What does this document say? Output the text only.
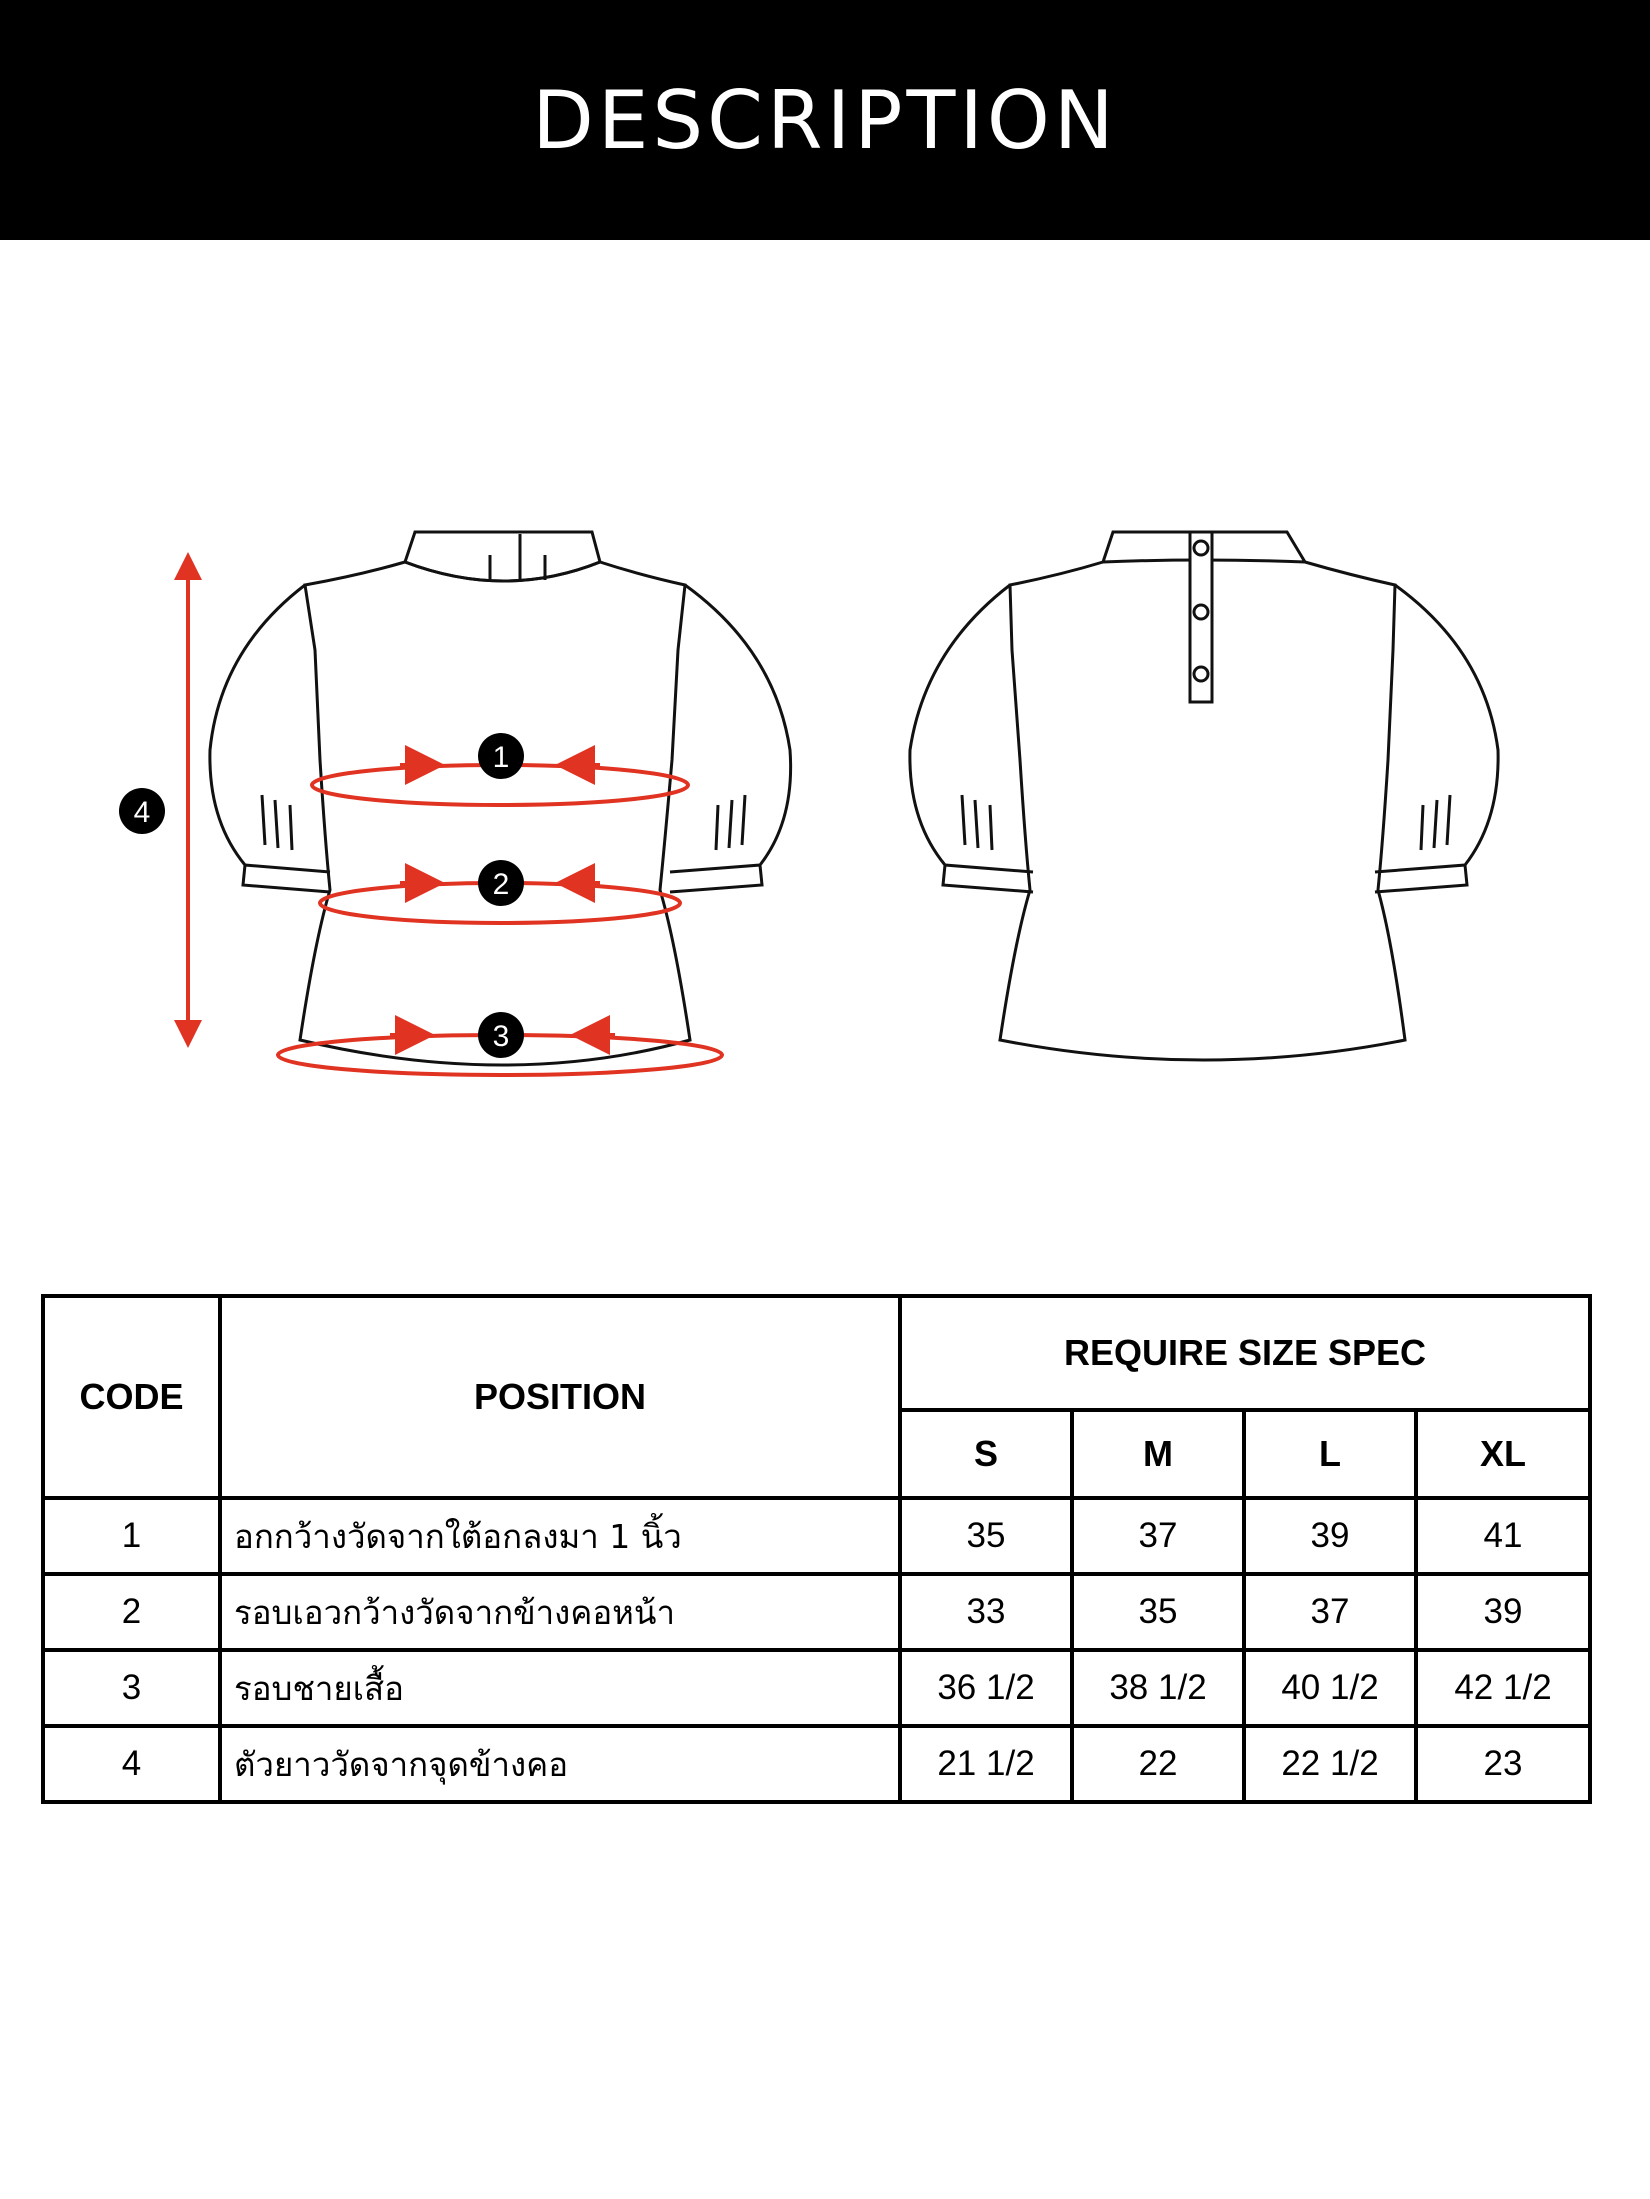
DESCRIPTION
1
2
3
4
CODE	POSITION	REQUIRE SIZE SPEC			
		S	M	L	XL
1	อกกว้างวัดจากใต้อกลงมา 1 นิ้ว	35	37	39	41
2	รอบเอวกว้างวัดจากข้างคอหน้า	33	35	37	39
3	รอบชายเสื้อ	36 1/2	38 1/2	40 1/2	42 1/2
4	ตัวยาววัดจากจุดข้างคอ	21 1/2	22	22 1/2	23
